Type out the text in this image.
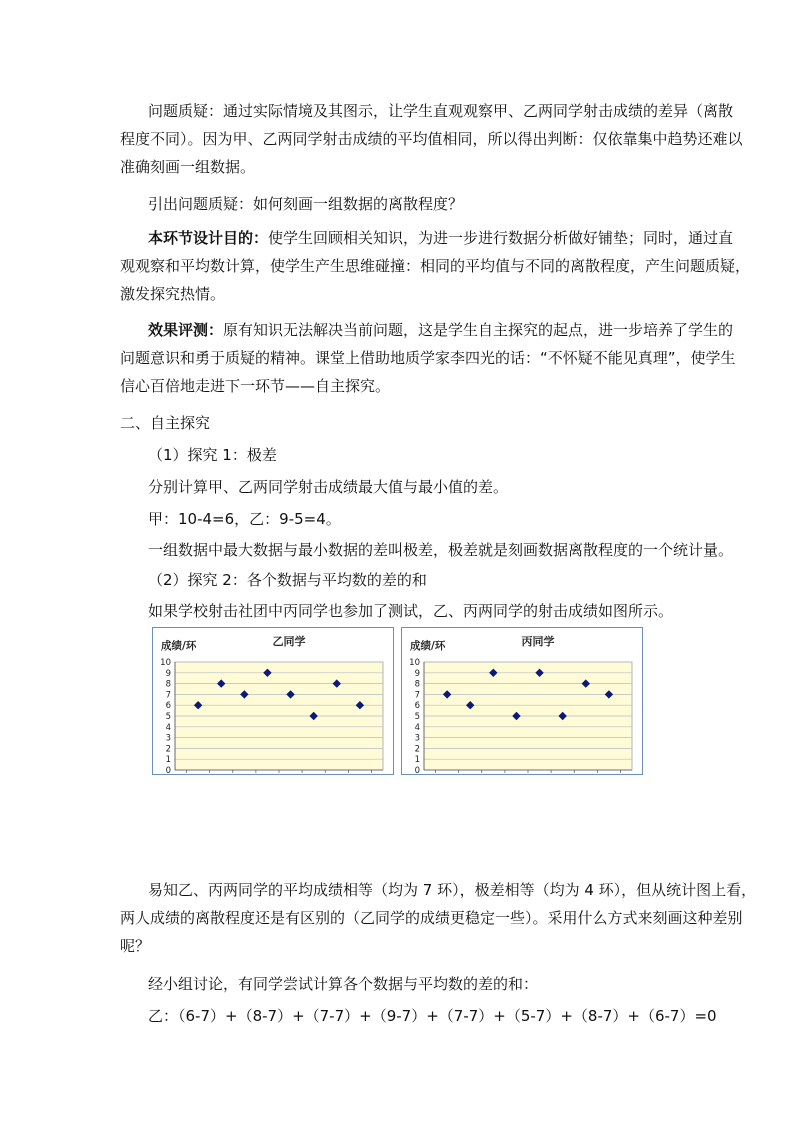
问题质疑：通过实际情境及其图示，让学生直观观察甲、乙两同学射击成绩的差异（离散
程度不同）。因为甲、乙两同学射击成绩的平均值相同，所以得出判断：仅依靠集中趋势还难以
准确刻画一组数据。

引出问题质疑：如何刻画一组数据的离散程度？

本环节设计目的：使学生回顾相关知识，为进一步进行数据分析做好铺垫；同时，通过直
观观察和平均数计算，使学生产生思维碰撞：相同的平均值与不同的离散程度，产生问题质疑，
激发探究热情。

效果评测：原有知识无法解决当前问题，这是学生自主探究的起点，进一步培养了学生的
问题意识和勇于质疑的精神。课堂上借助地质学家李四光的话：“不怀疑不能见真理”，使学生
信心百倍地走进下一环节——自主探究。

二、自主探究

（1）探究 1：极差

分别计算甲、乙两同学射击成绩最大值与最小值的差。

甲：10-4=6，乙：9-5=4。

一组数据中最大数据与最小数据的差叫极差，极差就是刻画数据离散程度的一个统计量。

（2）探究 2：各个数据与平均数的差的和

如果学校射击社团中丙同学也参加了测试，乙、丙两同学的射击成绩如图所示。

0
1
2
3
4
5
6
7
8
9
10
成绩/环	乙同学
0
1
2
3
4
5
6
7
8
9
10
成绩/环	丙同学

易知乙、丙两同学的平均成绩相等（均为 7 环），极差相等（均为 4 环），但从统计图上看，
两人成绩的离散程度还是有区别的（乙同学的成绩更稳定一些）。采用什么方式来刻画这种差别
呢？

经小组讨论，有同学尝试计算各个数据与平均数的差的和：

乙：（6-7）+（8-7）+（7-7）+（9-7）+（7-7）+（5-7）+（8-7）+（6-7）=0
